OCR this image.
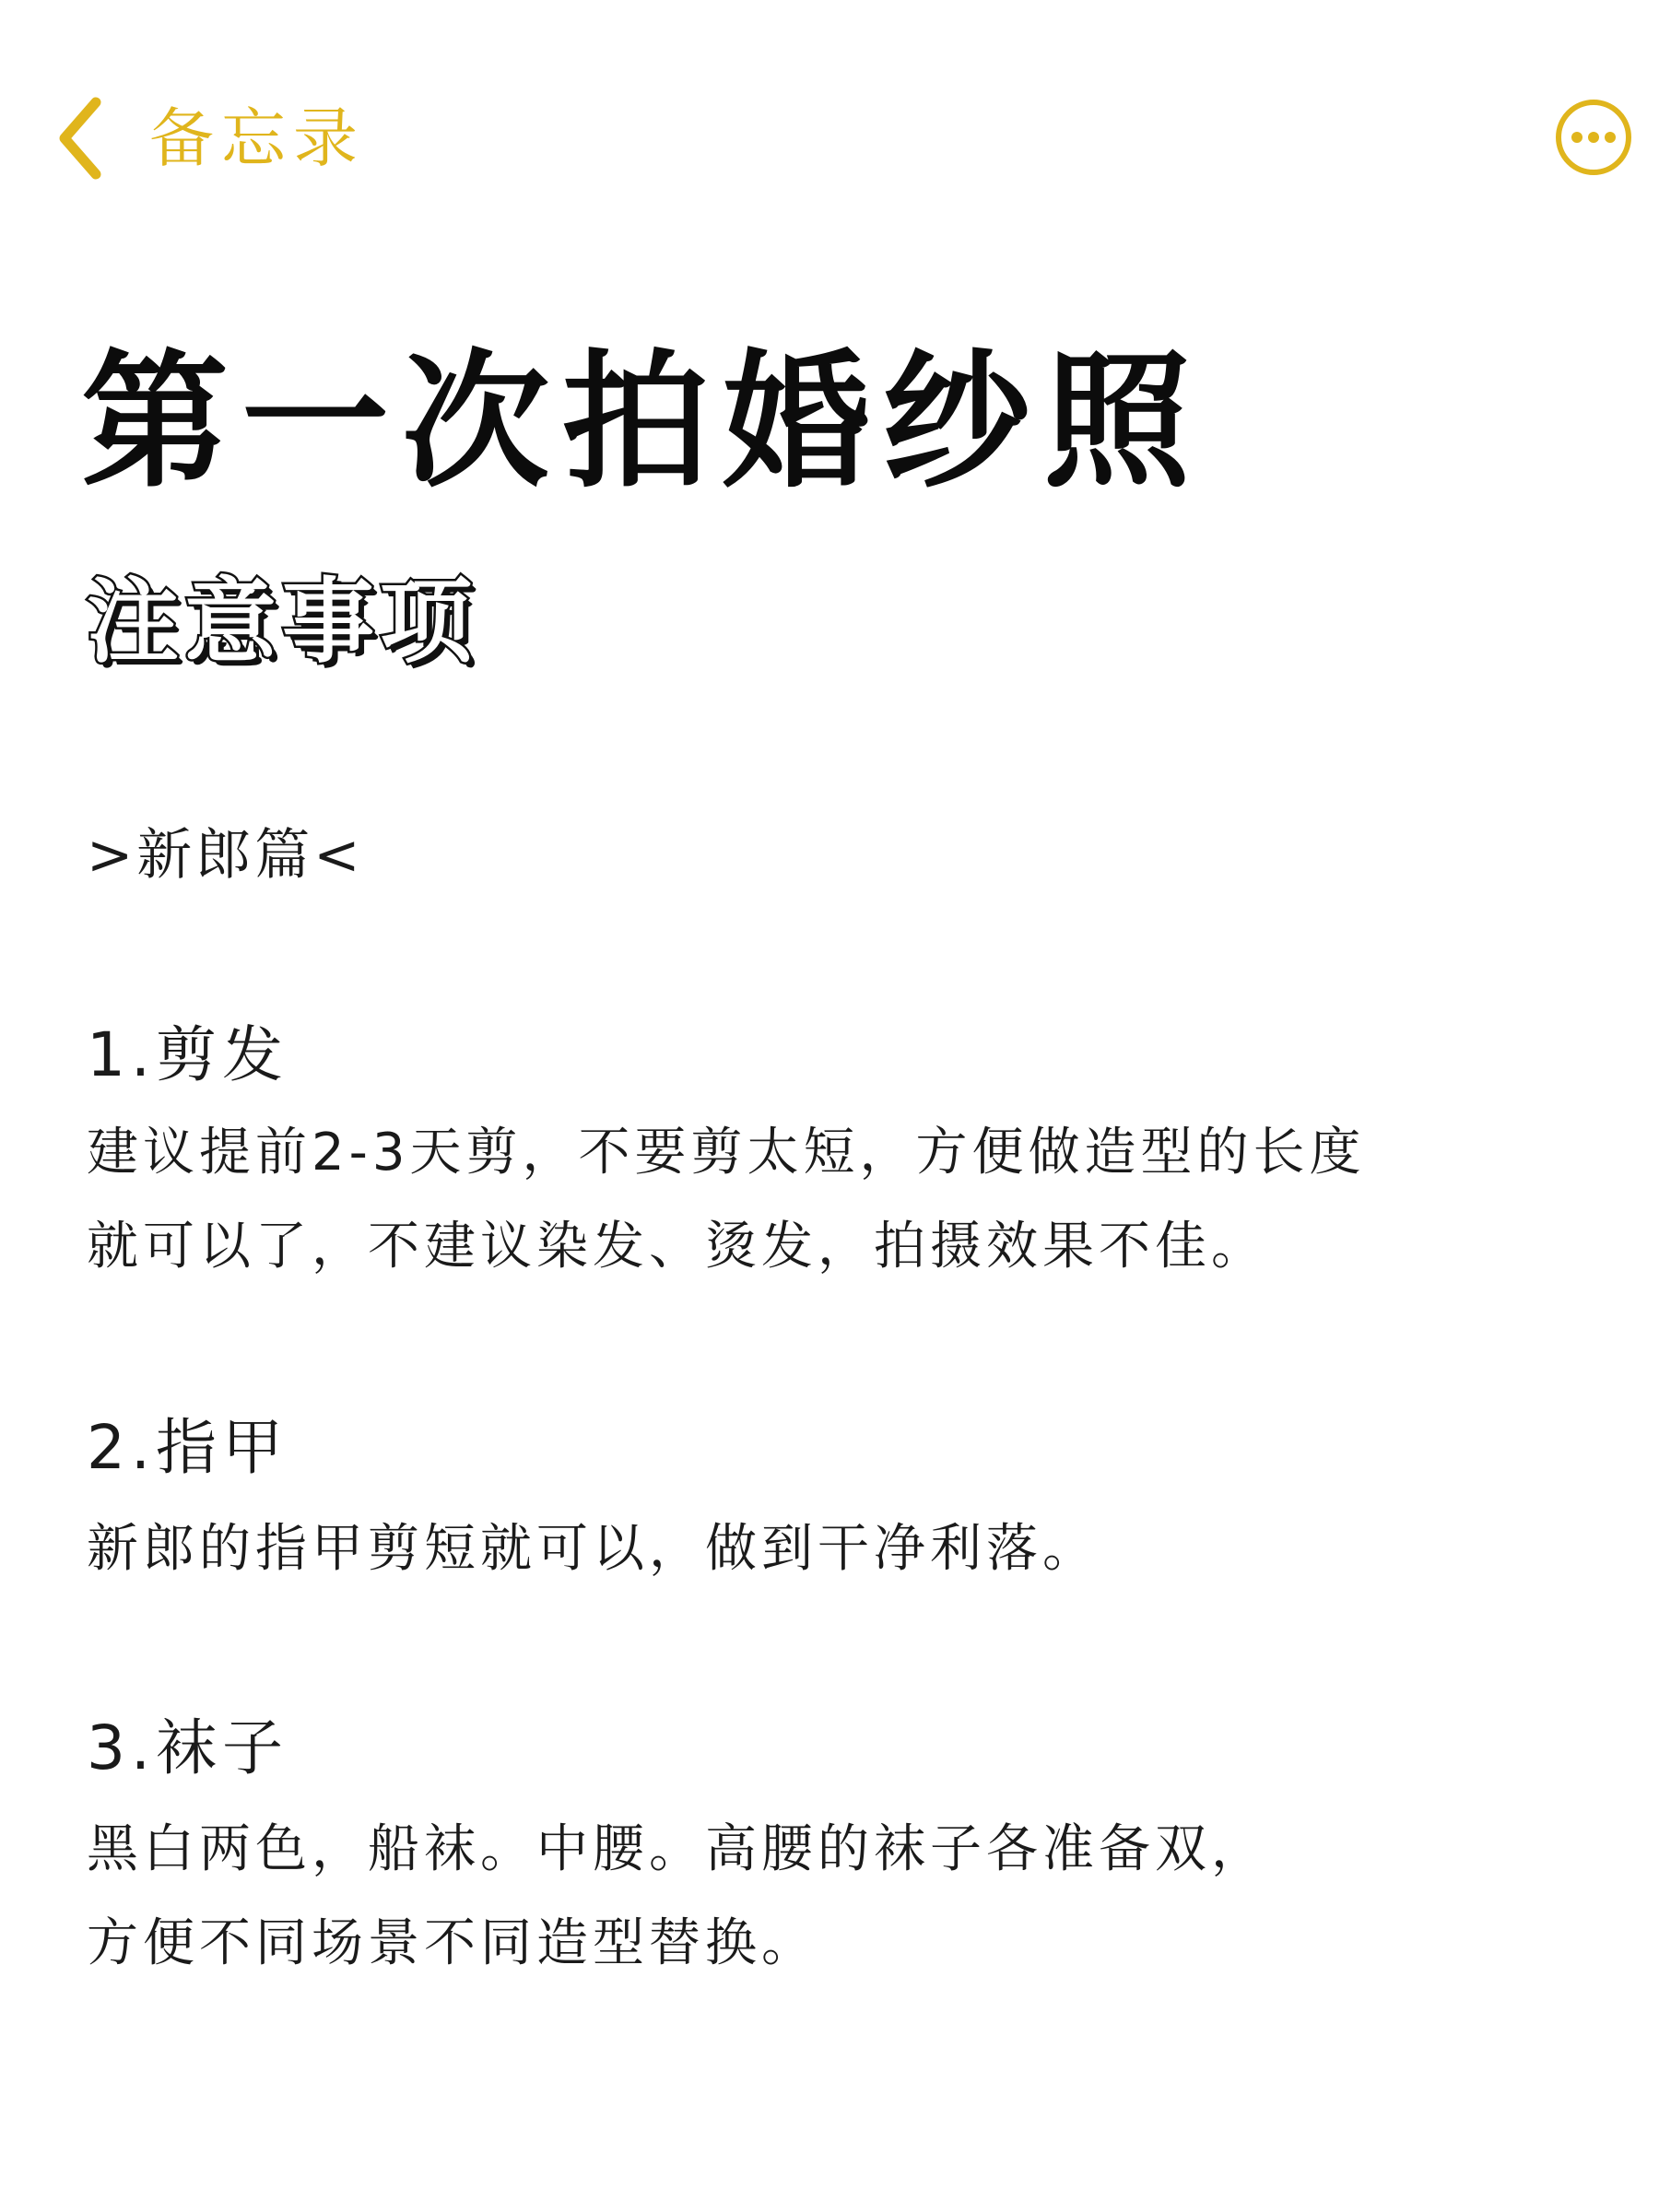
备忘录
第一次拍婚纱照
注意事项
>新郎篇<
1.剪发
建议提前2-3天剪，不要剪太短，方便做造型的长度
就可以了，不建议染发、烫发，拍摄效果不佳。
2.指甲
新郎的指甲剪短就可以，做到干净利落。
3.袜子
黑白两色，船袜。中腰。高腰的袜子各准备双，
方便不同场景不同造型替换。
